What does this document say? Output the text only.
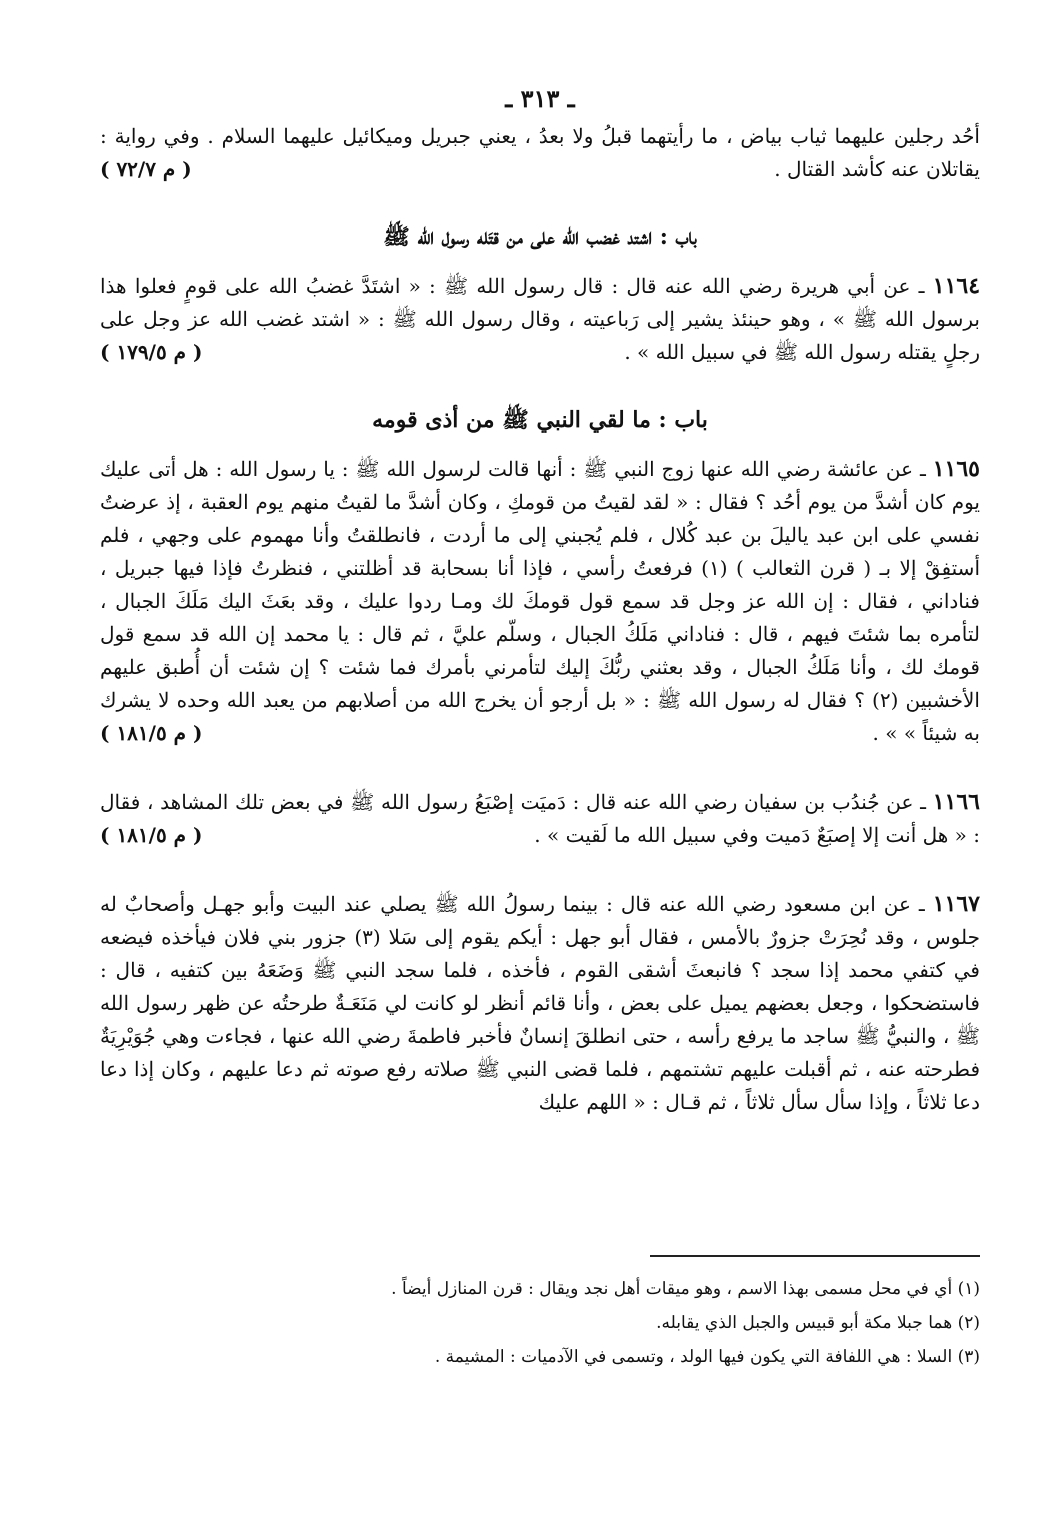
ـ ٣١٣ ـ

أحُد رجلين عليهما ثياب بياض ، ما رأيتهما قبلُ ولا بعدُ ، يعني جبريل وميكائيل عليهما السلام . وفي رواية : يقاتلان عنه كأشد القتال .
( م ٧٢/٧ )

باب : اشتد غضب الله على من قتَله رسول الله ﷺ

١١٦٤ ـ عن أبي هريرة رضي الله عنه قال : قال رسول الله ﷺ : « اشتَدَّ غضبُ الله على قومٍ فعلوا هذا برسول الله ﷺ » ، وهو حينئذ يشير إلى رَباعيته ، وقال رسول الله ﷺ : « اشتد غضب الله عز وجل على رجلٍ يقتله رسول الله ﷺ في سبيل الله » .
( م ١٧٩/٥ )

باب : ما لقي النبي ﷺ من أذى قومه

١١٦٥ ـ عن عائشة رضي الله عنها زوج النبي ﷺ : أنها قالت لرسول الله ﷺ : يا رسول الله : هل أتى عليك يوم كان أشدَّ من يوم أحُد ؟ فقال : « لقد لقيتُ من قومكِ ، وكان أشدَّ ما لقيتُ منهم يوم العقبة ، إذ عرضتُ نفسي على ابن عبد ياليلَ بن عبد كُلال ، فلم يُجبني إلى ما أردت ، فانطلقتُ وأنا مهموم على وجهي ، فلم أستفِقْ إلا بـ ( قرن الثعالب ) (١) فرفعتُ رأسي ، فإذا أنا بسحابة قد أظلتني ، فنظرتُ فإذا فيها جبريل ، فناداني ، فقال : إن الله عز وجل قد سمع قول قومكَ لك ومـا ردوا عليك ، وقد بعَثَ اليك مَلَكَ الجبال ، لتأمره بما شئتَ فيهم ، قال : فناداني مَلَكُ الجبال ، وسلّم عليَّ ، ثم قال : يا محمد إن الله قد سمع قول قومك لك ، وأنا مَلَكُ الجبال ، وقد بعثني ربُّكَ إليك لتأمرني بأمرك فما شئت ؟ إن شئت أن أُطبق عليهم الأخشبين (٢) ؟ فقال له رسول الله ﷺ : « بل أرجو أن يخرج الله من أصلابهم من يعبد الله وحده لا يشرك به شيئاً » » .
( م ١٨١/٥ )

١١٦٦ ـ عن جُندُب بن سفيان رضي الله عنه قال : دَميَت إصْبَعُ رسول الله ﷺ في بعض تلك المشاهد ، فقال : « هل أنت إلا إصبَعٌ دَميت وفي سبيل الله ما لَقيت » .
( م ١٨١/٥ )

١١٦٧ ـ عن ابن مسعود رضي الله عنه قال : بينما رسولُ الله ﷺ يصلي عند البيت وأبو جهـل وأصحابٌ له جلوس ، وقد نُحِرَتْ جزورٌ بالأمس ، فقال أبو جهل : أيكم يقوم إلى سَلا (٣) جزور بني فلان فيأخذه فيضعه في كتفي محمد إذا سجد ؟ فانبعثَ أشقى القوم ، فأخذه ، فلما سجد النبي ﷺ وَضَعَهُ بين كتفيه ، قال : فاستضحكوا ، وجعل بعضهم يميل على بعض ، وأنا قائم أنظر لو كانت لي مَنَعَـةٌ طرحتُه عن ظهر رسول الله ﷺ ، والنبيُّ ﷺ ساجد ما يرفع رأسه ، حتى انطلقَ إنسانٌ فأخبر فاطمةَ رضي الله عنها ، فجاءت وهي جُوَيْرِيَةٌ فطرحته عنه ، ثم أقبلت عليهم تشتمهم ، فلما قضى النبي ﷺ صلاته رفع صوته ثم دعا عليهم ، وكان إذا دعا دعا ثلاثاً ، وإذا سأل سأل ثلاثاً ، ثم قـال : « اللهم عليك

(١) أي في محل مسمى بهذا الاسم ، وهو ميقات أهل نجد ويقال : قرن المنازل أيضاً .
(٢) هما جبلا مكة أبو قبيس والجبل الذي يقابله.
(٣) السلا : هي اللفافة التي يكون فيها الولد ، وتسمى في الآدميات : المشيمة .
